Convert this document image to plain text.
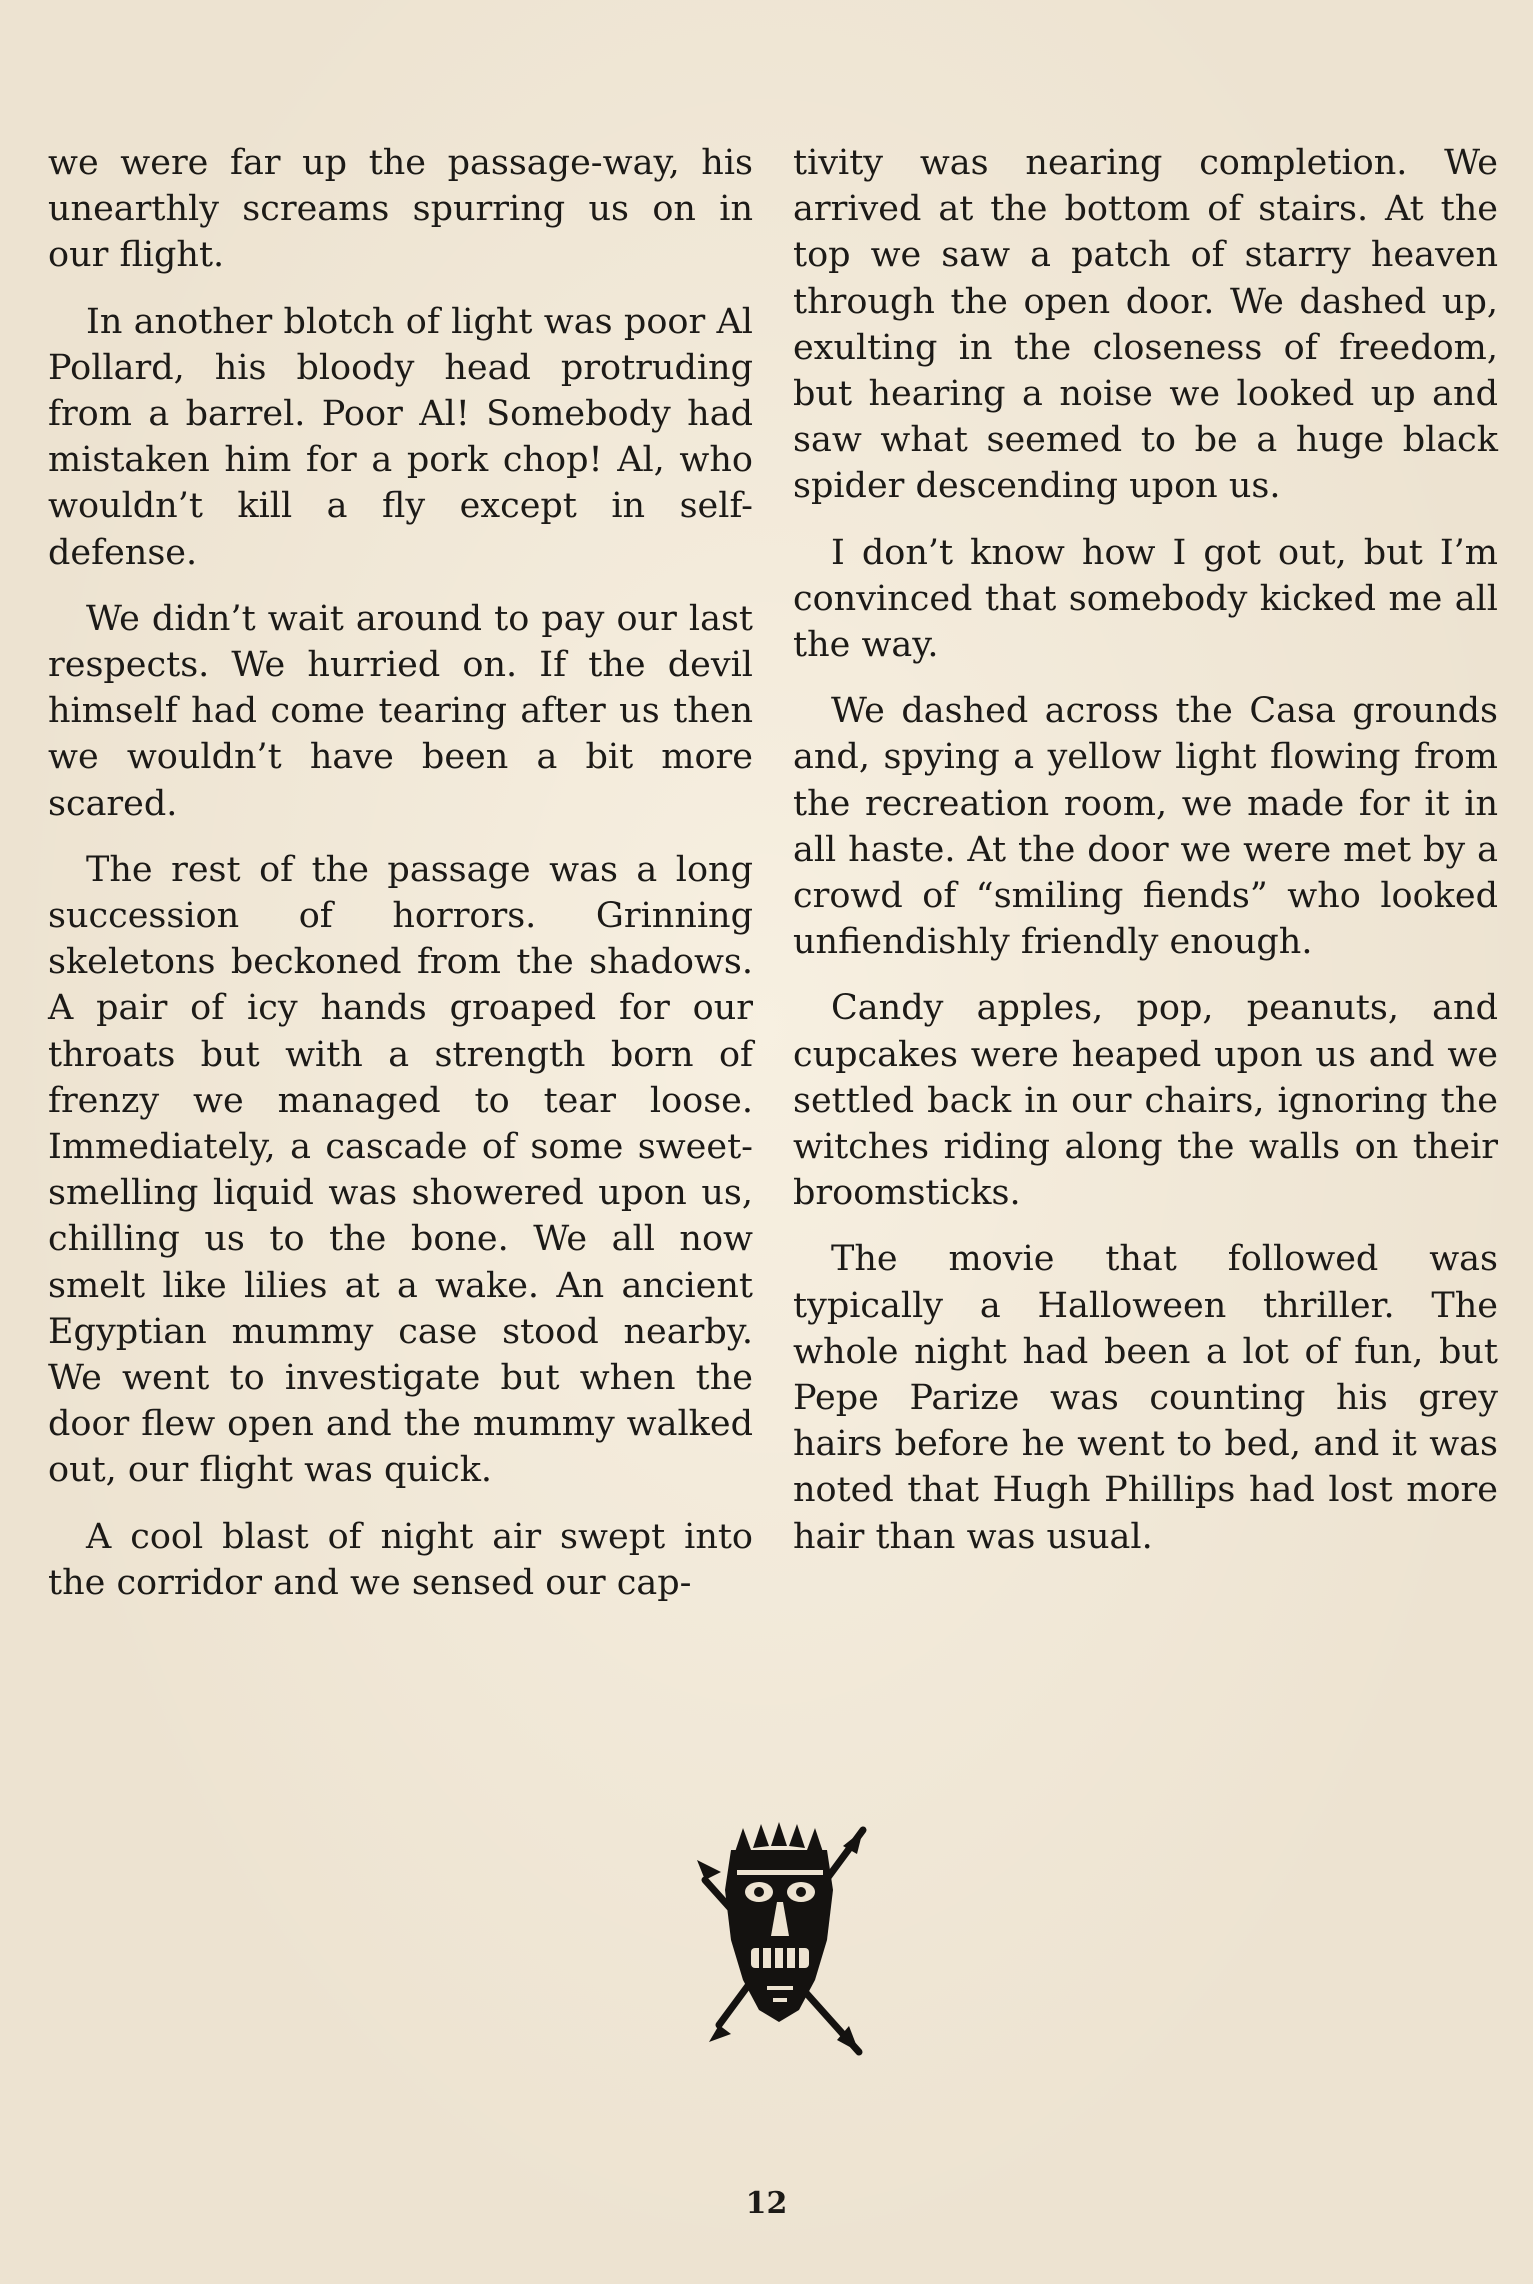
we were far up the passage-way, his unearthly screams spurring us on in our flight.

In another blotch of light was poor Al Pollard, his bloody head protruding from a barrel. Poor Al! Somebody had mistaken him for a pork chop! Al, who wouldn’t kill a fly except in self-defense.

We didn’t wait around to pay our last respects. We hurried on. If the devil himself had come tearing after us then we wouldn’t have been a bit more scared.

The rest of the passage was a long succession of horrors. Grinning skeletons beckoned from the shadows. A pair of icy hands groaped for our throats but with a strength born of frenzy we managed to tear loose. Immediately, a cascade of some sweet-smelling liquid was showered upon us, chilling us to the bone. We all now smelt like lilies at a wake. An ancient Egyptian mummy case stood nearby. We went to investigate but when the door flew open and the mummy walked out, our flight was quick.

A cool blast of night air swept into the corridor and we sensed our cap-

tivity was nearing completion. We arrived at the bottom of stairs. At the top we saw a patch of starry heaven through the open door. We dashed up, exulting in the closeness of freedom, but hearing a noise we looked up and saw what seemed to be a huge black spider descending upon us.

I don’t know how I got out, but I’m convinced that somebody kicked me all the way.

We dashed across the Casa grounds and, spying a yellow light flowing from the recreation room, we made for it in all haste. At the door we were met by a crowd of “smiling fiends” who looked unfiendishly friendly enough.

Candy apples, pop, peanuts, and cupcakes were heaped upon us and we settled back in our chairs, ignoring the witches riding along the walls on their broomsticks.

The movie that followed was typically a Halloween thriller. The whole night had been a lot of fun, but Pepe Parize was counting his grey hairs before he went to bed, and it was noted that Hugh Phillips had lost more hair than was usual.

12
